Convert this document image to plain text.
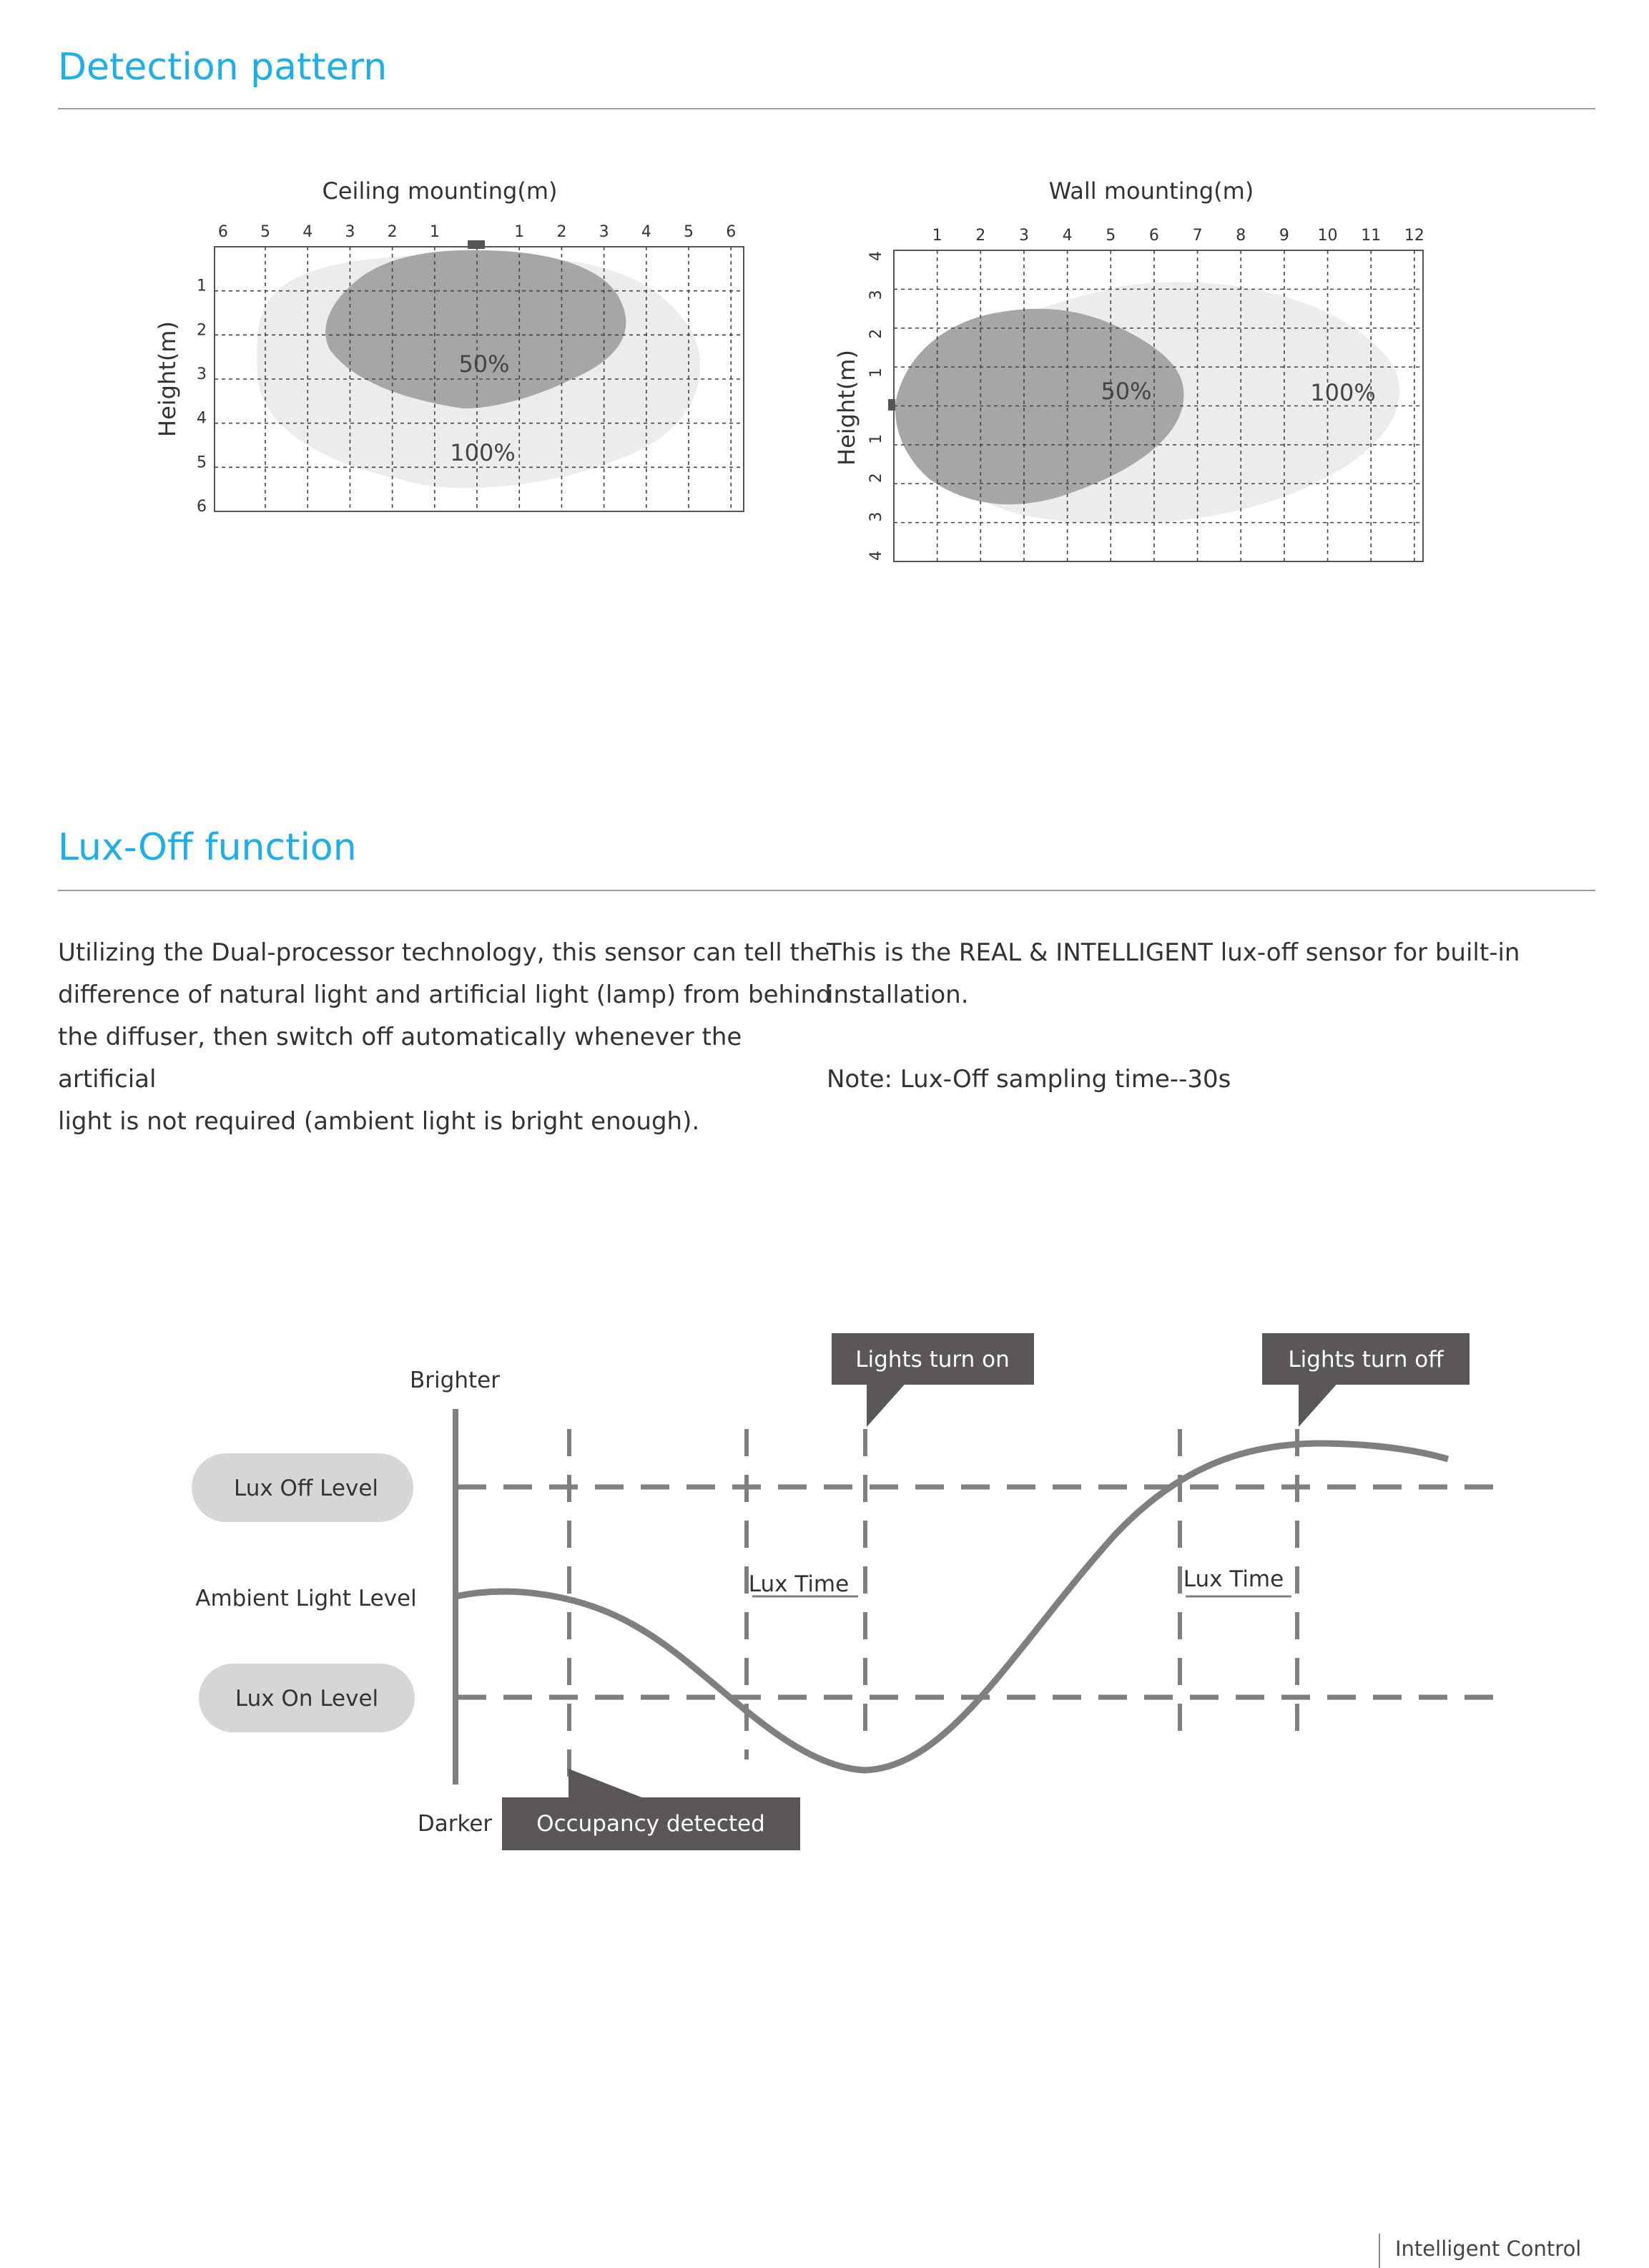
Detection pattern
6 5 4 3 2 1	1 2 3 4 5 6
1
2
3
4
5
6
Ceiling mounting(m)
Height(m)	50%
100%
1 2 3 4 5 6 7 8 9 10 11 12
4
3
2
1
1
2
3
4
Wall mounting(m)
Height(m)	50%	100%
Lux-Off function

Utilizing the Dual-processor technology, this sensor can tell the

difference of natural light and artificial light (lamp) from behind

the diffuser, then switch off automatically whenever the artificial

light is not required (ambient light is bright enough).

This is the REAL & INTELLIGENT lux-off sensor for built-in installation.

Note: Lux-Off sampling time--30s

Brighter
Darker
Lux Off Level
Ambient Light Level
Lux On Level
Lights turn on	Lights turn off
Occupancy detected
Lux Time	Lux Time
Intelligent Control
